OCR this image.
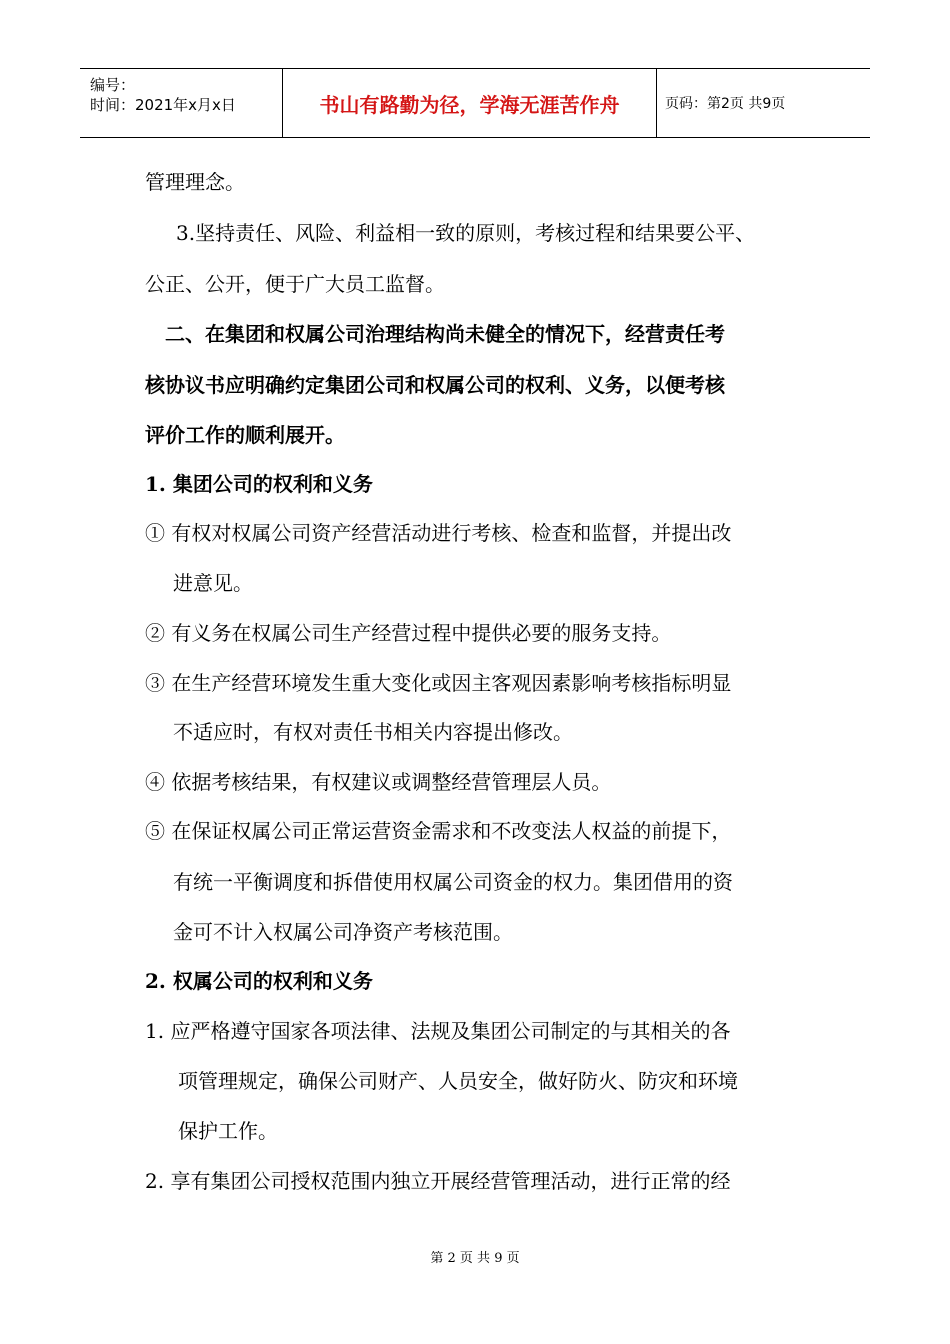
编号：
时间：2021年x月x日	书山有路勤为径，学海无涯苦作舟	页码：第2页 共9页
管理理念。
3.坚持责任、风险、利益相一致的原则，考核过程和结果要公平、
公正、公开，便于广大员工监督。
二、在集团和权属公司治理结构尚未健全的情况下，经营责任考
核协议书应明确约定集团公司和权属公司的权利、义务，以便考核
评价工作的顺利展开。
1. 集团公司的权利和义务
① 有权对权属公司资产经营活动进行考核、检查和监督，并提出改
进意见。
② 有义务在权属公司生产经营过程中提供必要的服务支持。
③ 在生产经营环境发生重大变化或因主客观因素影响考核指标明显
不适应时，有权对责任书相关内容提出修改。
④ 依据考核结果，有权建议或调整经营管理层人员。
⑤ 在保证权属公司正常运营资金需求和不改变法人权益的前提下，
有统一平衡调度和拆借使用权属公司资金的权力。集团借用的资
金可不计入权属公司净资产考核范围。
2. 权属公司的权利和义务
1. 应严格遵守国家各项法律、法规及集团公司制定的与其相关的各
项管理规定，确保公司财产、人员安全，做好防火、防灾和环境
保护工作。
2. 享有集团公司授权范围内独立开展经营管理活动，进行正常的经
第 2 页 共 9 页
